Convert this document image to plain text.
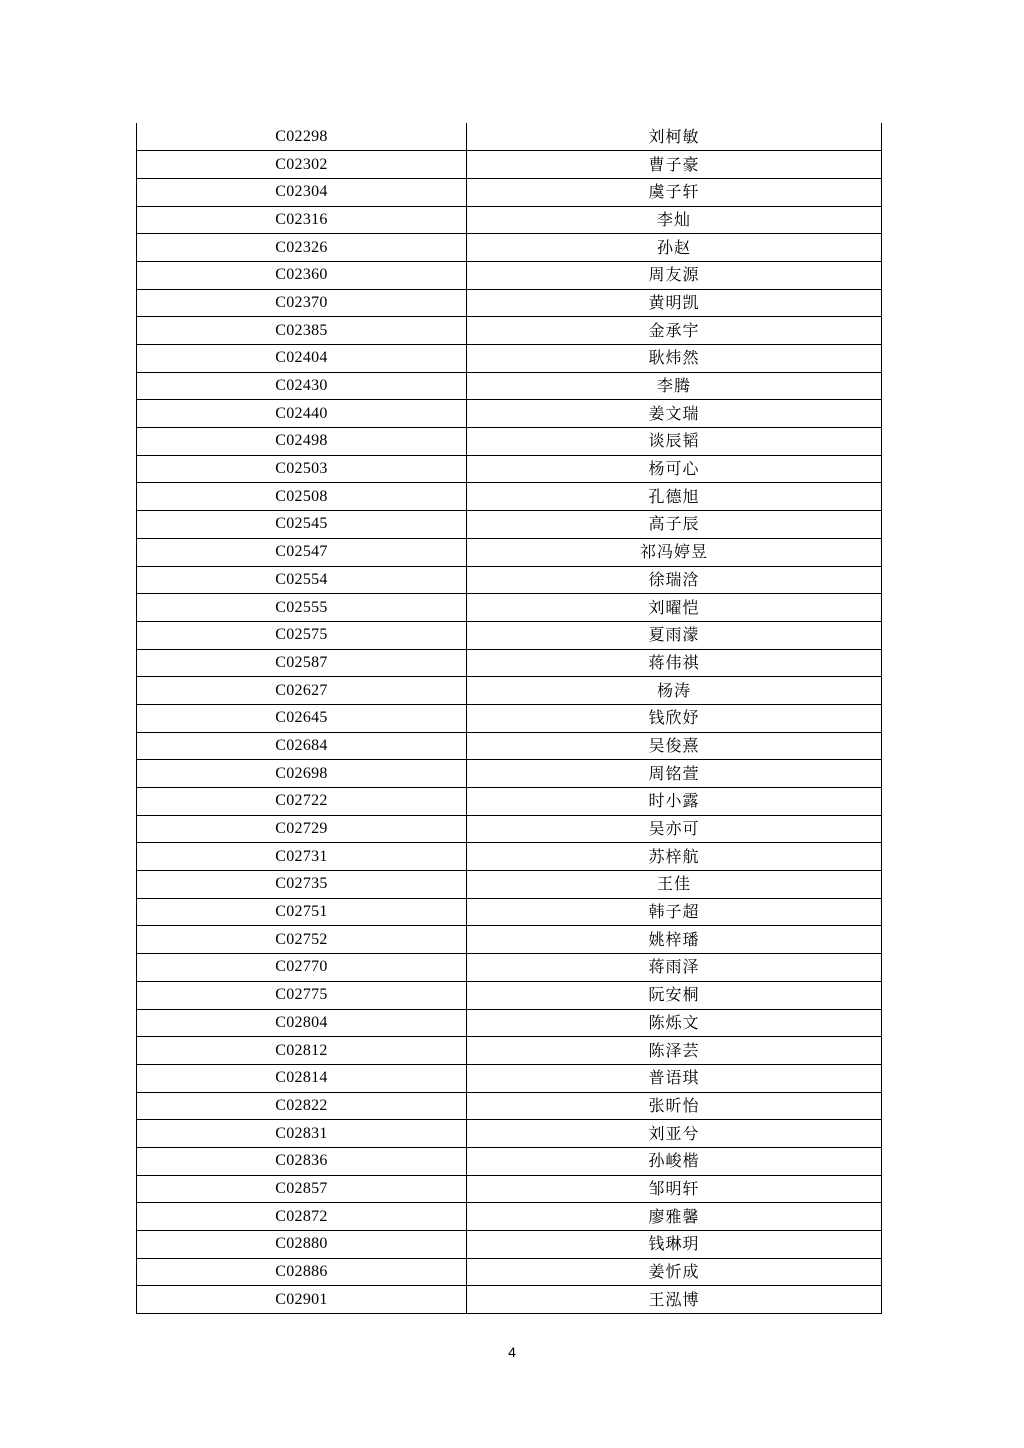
C02298	刘柯敏
C02302	曹子豪
C02304	虞子轩
C02316	李灿
C02326	孙赵
C02360	周友源
C02370	黄明凯
C02385	金承宇
C02404	耿炜然
C02430	李腾
C02440	姜文瑞
C02498	谈辰韬
C02503	杨可心
C02508	孔德旭
C02545	高子辰
C02547	祁冯婷昱
C02554	徐瑞浛
C02555	刘曜恺
C02575	夏雨濛
C02587	蒋伟祺
C02627	杨涛
C02645	钱欣妤
C02684	吴俊熹
C02698	周铭萱
C02722	时小露
C02729	吴亦可
C02731	苏梓航
C02735	王佳
C02751	韩子超
C02752	姚梓璠
C02770	蒋雨泽
C02775	阮安桐
C02804	陈烁文
C02812	陈泽芸
C02814	普语琪
C02822	张昕怡
C02831	刘亚兮
C02836	孙峻楷
C02857	邹明轩
C02872	廖雅馨
C02880	钱琳玥
C02886	姜忻成
C02901	王泓博
4
